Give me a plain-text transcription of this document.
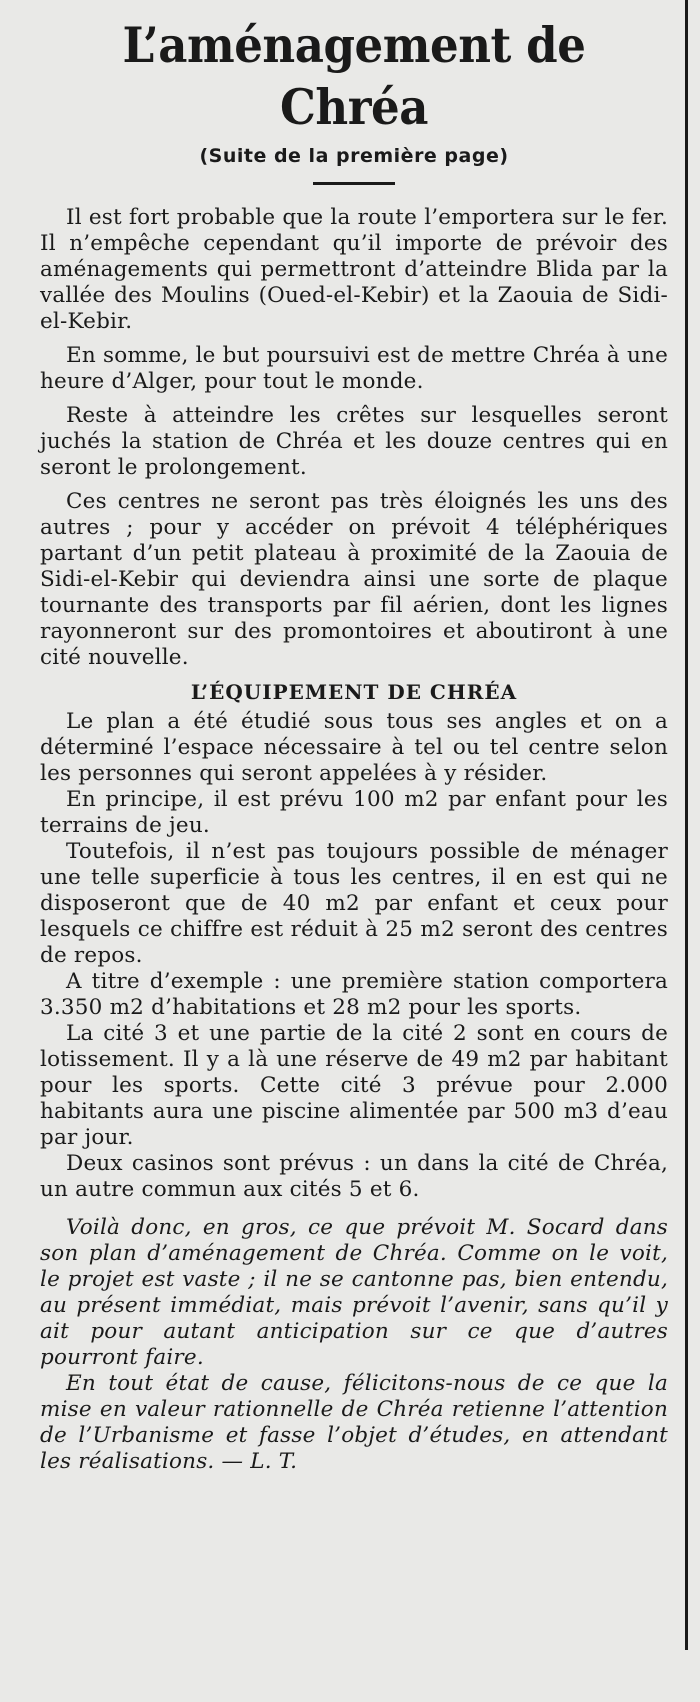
L’aménagement de Chréa

(Suite de la première page)

Il est fort probable que la route l’emportera sur le fer. Il n’empêche cependant qu’il importe de prévoir des aménagements qui permettront d’atteindre Blida par la vallée des Moulins (Oued-el-Kebir) et la Zaouia de Sidi-el-Kebir.

En somme, le but poursuivi est de mettre Chréa à une heure d’Alger, pour tout le monde.

Reste à atteindre les crêtes sur lesquelles seront juchés la station de Chréa et les douze centres qui en seront le prolongement.

Ces centres ne seront pas très éloignés les uns des autres ; pour y accéder on prévoit 4 téléphériques partant d’un petit plateau à proximité de la Zaouia de Sidi-el-Kebir qui deviendra ainsi une sorte de plaque tournante des transports par fil aérien, dont les lignes rayonneront sur des promontoires et aboutiront à une cité nouvelle.

L’ÉQUIPEMENT DE CHRÉA

Le plan a été étudié sous tous ses angles et on a déterminé l’espace nécessaire à tel ou tel centre selon les personnes qui seront appelées à y résider.

En principe, il est prévu 100 m2 par enfant pour les terrains de jeu.

Toutefois, il n’est pas toujours possible de ménager une telle superficie à tous les centres, il en est qui ne disposeront que de 40 m2 par enfant et ceux pour lesquels ce chiffre est réduit à 25 m2 seront des centres de repos.

A titre d’exemple : une première station comportera 3.350 m2 d’habitations et 28 m2 pour les sports.

La cité 3 et une partie de la cité 2 sont en cours de lotissement. Il y a là une réserve de 49 m2 par habitant pour les sports. Cette cité 3 prévue pour 2.000 habitants aura une piscine alimentée par 500 m3 d’eau par jour.

Deux casinos sont prévus : un dans la cité de Chréa, un autre commun aux cités 5 et 6.

Voilà donc, en gros, ce que prévoit M. Socard dans son plan d’aménagement de Chréa. Comme on le voit, le projet est vaste ; il ne se cantonne pas, bien entendu, au présent immédiat, mais prévoit l’avenir, sans qu’il y ait pour autant anticipation sur ce que d’autres pourront faire.

En tout état de cause, félicitons-nous de ce que la mise en valeur rationnelle de Chréa retienne l’attention de l’Urbanisme et fasse l’objet d’études, en attendant les réalisations. — L. T.
